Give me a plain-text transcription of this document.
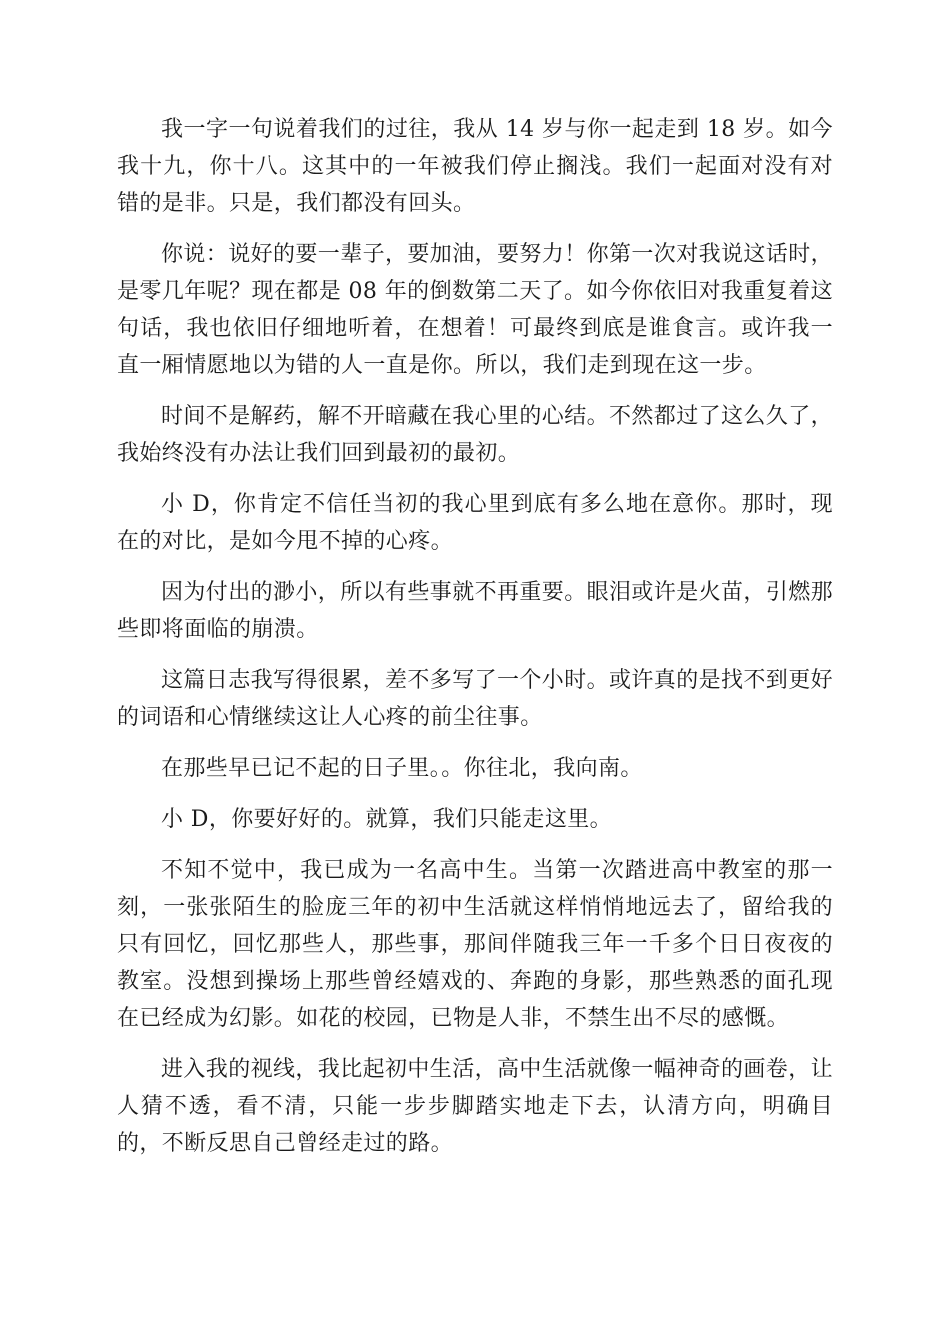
我一字一句说着我们的过往，我从 14 岁与你一起走到 18 岁。如今我十九，你十八。这其中的一年被我们停止搁浅。我们一起面对没有对错的是非。只是，我们都没有回头。

你说：说好的要一辈子，要加油，要努力！你第一次对我说这话时，是零几年呢？现在都是 08 年的倒数第二天了。如今你依旧对我重复着这句话，我也依旧仔细地听着，在想着！可最终到底是谁食言。或许我一直一厢情愿地以为错的人一直是你。所以，我们走到现在这一步。

时间不是解药，解不开暗藏在我心里的心结。不然都过了这么久了，我始终没有办法让我们回到最初的最初。

小 D，你肯定不信任当初的我心里到底有多么地在意你。那时，现在的对比，是如今甩不掉的心疼。

因为付出的渺小，所以有些事就不再重要。眼泪或许是火苗，引燃那些即将面临的崩溃。

这篇日志我写得很累，差不多写了一个小时。或许真的是找不到更好的词语和心情继续这让人心疼的前尘往事。

在那些早已记不起的日子里。。你往北，我向南。

小 D，你要好好的。就算，我们只能走这里。

不知不觉中，我已成为一名高中生。当第一次踏进高中教室的那一刻，一张张陌生的脸庞三年的初中生活就这样悄悄地远去了，留给我的只有回忆，回忆那些人，那些事，那间伴随我三年一千多个日日夜夜的教室。没想到操场上那些曾经嬉戏的、奔跑的身影，那些熟悉的面孔现在已经成为幻影。如花的校园，已物是人非，不禁生出不尽的感慨。

进入我的视线，我比起初中生活，高中生活就像一幅神奇的画卷，让人猜不透，看不清，只能一步步脚踏实地走下去，认清方向，明确目的，不断反思自己曾经走过的路。
